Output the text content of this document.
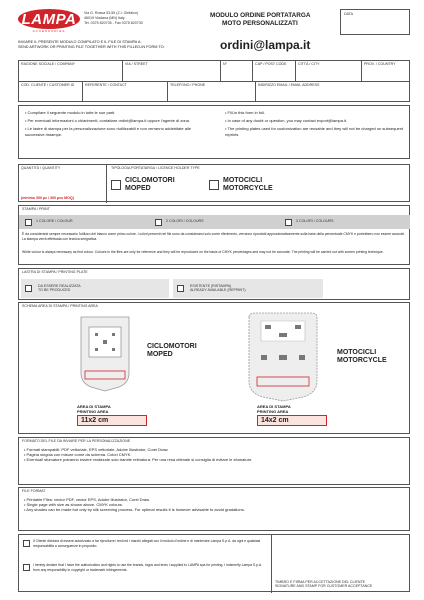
LAMPA
ACCESSORIES
Via G. Rossa 53-55 (Z.I. Girifalco)
46019 Viadana (MN) Italy
Tel. 0375 820735 - Fax 0375 820730
MODULO ORDINE PORTATARGA
MOTO PERSONALIZZATI
DATA
INVIARE IL PRESENTE MODULO COMPILATO E IL FILE DI STAMPA A:
SEND ARTWORK OR PRINTING FILE TOGETHER WITH THIS FILLED-IN FORM TO:	ordini@lampa.it
RAGIONE SOCIALE / COMPANY	VIA / STREET	N°	CAP / POST CODE	CITTÀ / CITY	PROV. / COUNTRY
COD. CLIENTE / CUSTOMER ID	REFERENTE / CONTACT	TELEFONO / PHONE	INDIRIZZO EMAIL / EMAIL ADDRESS
• Compilare il seguente modulo in tutte le sue parti.
• Per eventuali informazioni o chiarimenti, contattare ordini@lampa.it oppure l'agente di zona.
• Le lastre di stampa per la personalizzazione sono riutilizzabili e non verranno addebitate alle successive ristampe.
• Fill-in this form in full.
• In case of any doubt or question, you may contact export@lampa.it.
• The printing plates used for customization are reusable and they will not be charged on subsequent reprints
QUANTITÀ / QUANTITY
(minimo 300 pz / 300 pcs MOQ)
TIPOLOGIA PORTATARGA / LICENCE HOLDER TYPE
CICLOMOTORI
MOPED
MOTOCICLI
MOTORCYCLE
STAMPA / PRINT
1 COLORE / COLOUR	2 COLORI / COLOURS	3 COLORI / COLOURS
È da considerarsi sempre necessario l'utilizzo del bianco come primo colore. I colori presenti nel file sono da considerarsi solo come riferimento, verranno riprodotti approssimativamente sulla base della percentuale CMYK e potrebbero non essere accurati. La stampa verrà effettuata con tecnica serigrafica.
White colour is always necessary as first colour. Colours in the files are only for reference and they will be reproduced on the basis of CMYK percentages and may not be accurate. The printing will be carried out with screen printing technique.
LASTRA DI STAMPA / PRINTING PLATE
DA ESSERE REALIZZATA
TO BE PRODUCED
ESISTENTE (RISTAMPA)
ALREADY AVAILABLE (REPRINT)
SCHEMA AREA DI STAMPA / PRINTING AREA
CICLOMOTORI
MOPED
AREA DI STAMPA
PRINTING AREA
11x2 cm
MOTOCICLI
MOTORCYCLE
AREA DI STAMPA
PRINTING AREA
14x2 cm
FORMATO DEL FILE DA INVIARE PER LA PERSONALIZZAZIONE
• Formati stampabili: PDF vettoriale, EPS vettoriale, Adobe Illustrator, Corel Draw.
• Pagina singola con misure come da schema. Colori CMYK.
• Eventuali sfumature potranno essere realizzate solo tramite retinatura. Per una resa ottimale si consiglia di evitare le sfumature.
FILE FORMAT
• Printable Files: vector PDF, vector EPS, Adobe Illustrator, Corel Draw.
• Single page with size as shown above. CMYK colours.
• Any shades can be made but only by silk screening process. For optimal results it is however advisable to avoid gradations.
Il Cliente dichiara di essere autorizzato a far riprodurre i testi ed i marchi allegati con il modulo d'ordine e di manlevare Lampa S.p.A. da ogni e qualsiasi responsabilità a conseguenze in proposito.
I hereby declare that I have the authorization and rights to use the brands, logos and texts I supplied to LAMPA spa for printing. I indemnify Lampa S.p.A. from any responsibility in copyright or trademark infringements.
TIMBRO E FIRMA PER ACCETTAZIONE DEL CLIENTE
SIGNATURE AND STAMP FOR CUSTOMER ACCEPTANCE
